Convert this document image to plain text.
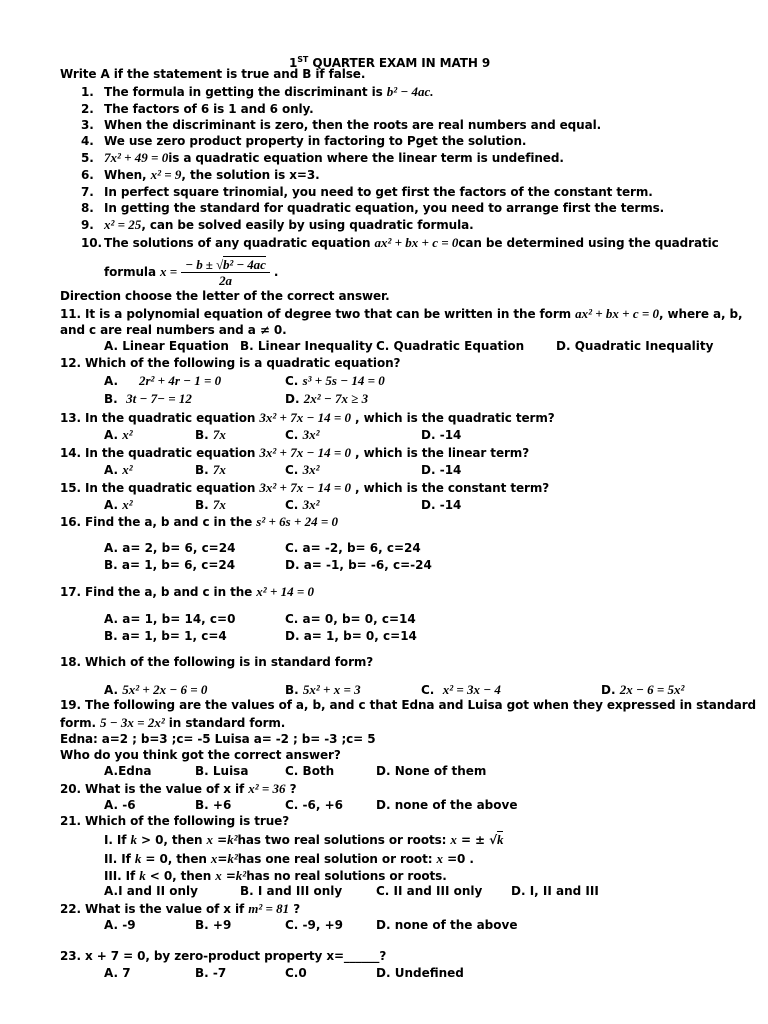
1ST QUARTER EXAM IN MATH 9
Write A if the statement is true and B if false.
1. The formula in getting the discriminant is b² − 4ac.
2. The factors of 6 is 1 and 6 only.
3. When the discriminant is zero, then the roots are real numbers and equal.
4. We use zero product property in factoring to Pget the solution.
5. 7x² + 49 = 0is a quadratic equation where the linear term is undefined.
6. When, x² = 9, the solution is x=3.
7. In perfect square trinomial, you need to get first the factors of the constant term.
8. In getting the standard for quadratic equation, you need to arrange first the terms.
9. x² = 25, can be solved easily by using quadratic formula.
10. The solutions of any quadratic equation ax² + bx + c = 0can be determined using the quadratic
formula $x = \frac{\text{− b ± √b² − 4ac}}{2a}$ .
Direction choose the letter of the correct answer.
11. It is a polynomial equation of degree two that can be written in the form ax² + bx + c = 0, where a, b,
and c are real numbers and a ≠ 0.
A. Linear Equation B. Linear Inequality C. Quadratic Equation	D. Quadratic Inequality
12. Which of the following is a quadratic equation?
A. 2r² + 4r − 1 = 0	C. s³ + 5s − 14 = 0
B. 3t − 7− = 12	D. 2x² − 7x ≥ 3
13. In the quadratic equation 3x² + 7x − 14 = 0 , which is the quadratic term?
A. x²	B. 7x	C. 3x²	D. -14
14. In the quadratic equation 3x² + 7x − 14 = 0 , which is the linear term?
A. x²	B. 7x	C. 3x²	D. -14
15. In the quadratic equation 3x² + 7x − 14 = 0 , which is the constant term?
A. x²	B. 7x	C. 3x²	D. -14
16. Find the a, b and c in the s² + 6s + 24 = 0
A. a= 2, b= 6, c=24	C. a= -2, b= 6, c=24
B. a= 1, b= 6, c=24	D. a= -1, b= -6, c=-24
17. Find the a, b and c in the x² + 14 = 0
A. a= 1, b= 14, c=0	C. a= 0, b= 0, c=14
B. a= 1, b= 1, c=4	D. a= 1, b= 0, c=14
18. Which of the following is in standard form?
A. 5x² + 2x − 6 = 0	B. 5x² + x = 3	C. x² = 3x − 4	D. 2x − 6 = 5x²
19. The following are the values of a, b, and c that Edna and Luisa got when they expressed in standard
form. 5 − 3x = 2x² in standard form.
Edna: a=2 ; b=3 ;c= -5 Luisa a= -2 ; b= -3 ;c= 5
Who do you think got the correct answer?
A.Edna	B. Luisa	C. Both	D. None of them
20. What is the value of x if x² = 36 ?
A. -6	B. +6	C. -6, +6	D. none of the above
21. Which of the following is true?
I. If k > 0, then x =k²has two real solutions or roots: x = ± √k
II. If k = 0, then x=k²has one real solution or root: x =0 .
III. If k < 0, then x =k²has no real solutions or roots.
A.I and II only	B. I and III only	C. II and III only D. I, II and III
22. What is the value of x if m² = 81 ?
A. -9	B. +9	C. -9, +9	D. none of the above
23. x + 7 = 0, by zero-product property x=______?
A. 7	B. -7	C.0	D. Undefined
